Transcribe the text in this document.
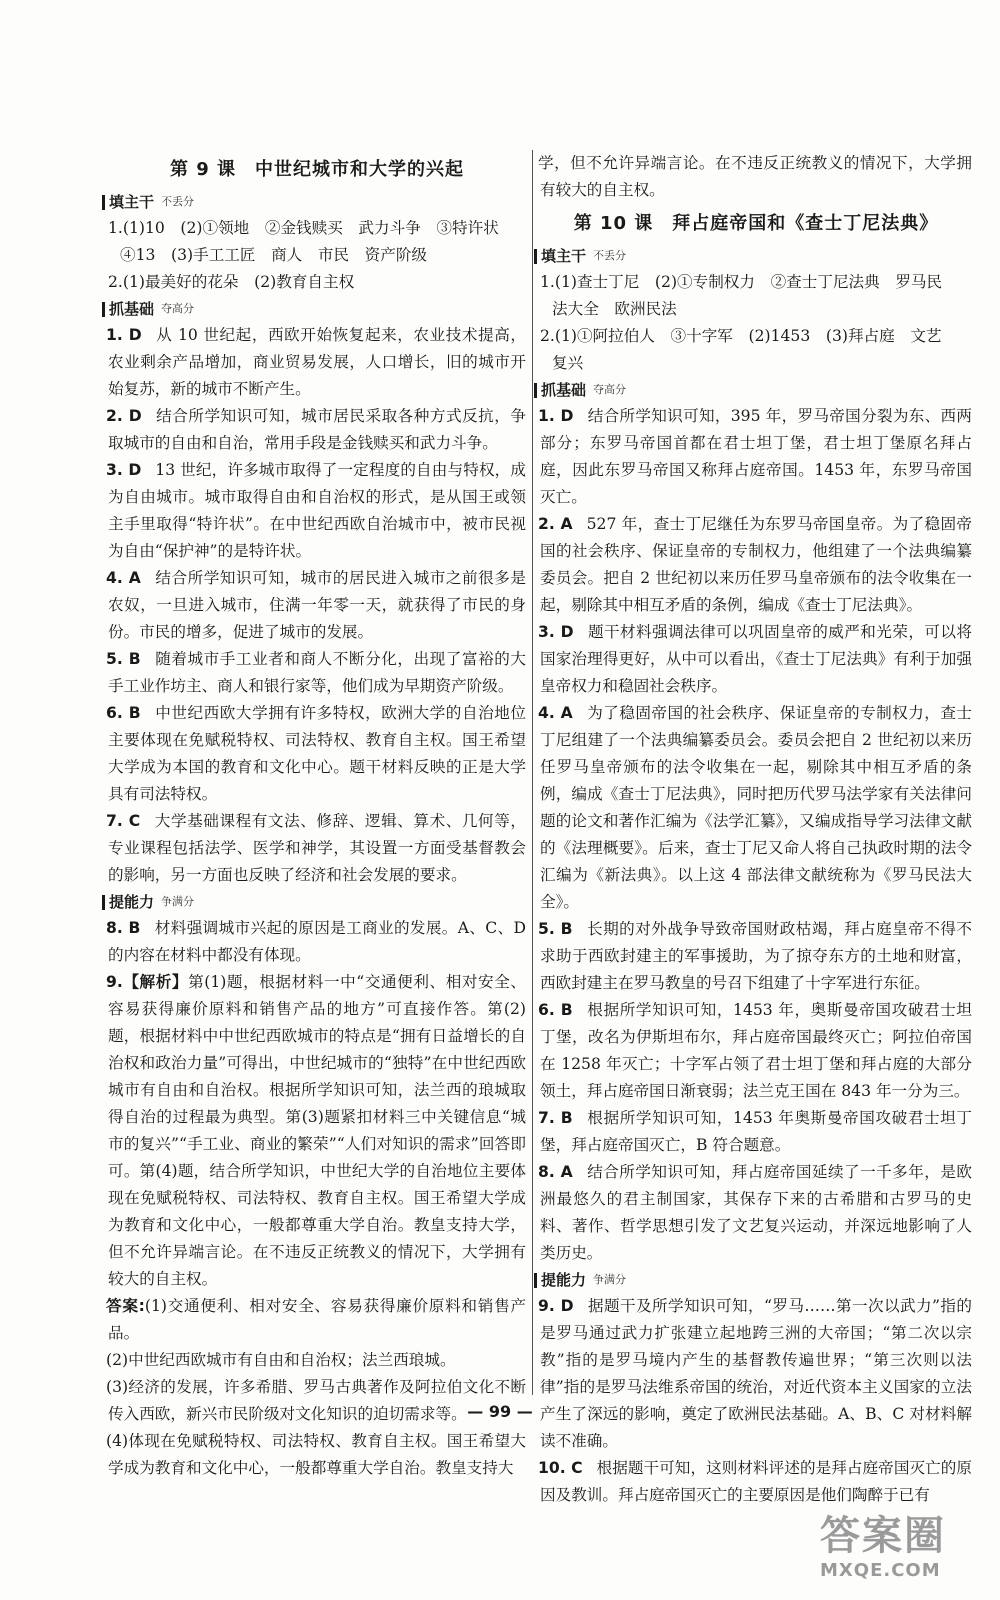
第 9 课　中世纪城市和大学的兴起
填主干 不丢分

1.(1)10　(2)①领地　②金钱赎买　武力斗争　③特许状

④13　(3)手工工匠　商人　市民　资产阶级

2.(1)最美好的花朵　(2)教育自主权

抓基础 夺高分

1. D 从 10 世纪起，西欧开始恢复起来，农业技术提高，农业剩余产品增加，商业贸易发展，人口增长，旧的城市开始复苏，新的城市不断产生。

2. D 结合所学知识可知，城市居民采取各种方式反抗，争取城市的自由和自治，常用手段是金钱赎买和武力斗争。

3. D 13 世纪，许多城市取得了一定程度的自由与特权，成为自由城市。城市取得自由和自治权的形式，是从国王或领主手里取得“特许状”。在中世纪西欧自治城市中，被市民视为自由“保护神”的是特许状。

4. A 结合所学知识可知，城市的居民进入城市之前很多是农奴，一旦进入城市，住满一年零一天，就获得了市民的身份。市民的增多，促进了城市的发展。

5. B 随着城市手工业者和商人不断分化，出现了富裕的大手工业作坊主、商人和银行家等，他们成为早期资产阶级。

6. B 中世纪西欧大学拥有许多特权，欧洲大学的自治地位主要体现在免赋税特权、司法特权、教育自主权。国王希望大学成为本国的教育和文化中心。题干材料反映的正是大学具有司法特权。

7. C 大学基础课程有文法、修辞、逻辑、算术、几何等，专业课程包括法学、医学和神学，其设置一方面受基督教会的影响，另一方面也反映了经济和社会发展的要求。

提能力 争满分

8. B 材料强调城市兴起的原因是工商业的发展。A、C、D 的内容在材料中都没有体现。

9.【解析】第(1)题，根据材料一中“交通便利、相对安全、容易获得廉价原料和销售产品的地方”可直接作答。第(2)题，根据材料中中世纪西欧城市的特点是“拥有日益增长的自治权和政治力量”可得出，中世纪城市的“独特”在中世纪西欧城市有自由和自治权。根据所学知识可知，法兰西的琅城取得自治的过程最为典型。第(3)题紧扣材料三中关键信息“城市的复兴”“手工业、商业的繁荣”“人们对知识的需求”回答即可。第(4)题，结合所学知识，中世纪大学的自治地位主要体现在免赋税特权、司法特权、教育自主权。国王希望大学成为教育和文化中心，一般都尊重大学自治。教皇支持大学，但不允许异端言论。在不违反正统教义的情况下，大学拥有较大的自主权。

答案:(1)交通便利、相对安全、容易获得廉价原料和销售产品。

(2)中世纪西欧城市有自由和自治权；法兰西琅城。

(3)经济的发展，许多希腊、罗马古典著作及阿拉伯文化不断传入西欧，新兴市民阶级对文化知识的迫切需求等。

(4)体现在免赋税特权、司法特权、教育自主权。国王希望大学成为教育和文化中心，一般都尊重大学自治。教皇支持大

学，但不允许异端言论。在不违反正统教义的情况下，大学拥有较大的自主权。

第 10 课　拜占庭帝国和《查士丁尼法典》
填主干 不丢分

1.(1)查士丁尼　(2)①专制权力　②查士丁尼法典　罗马民

法大全　欧洲民法

2.(1)①阿拉伯人　③十字军　(2)1453　(3)拜占庭　文艺

复兴

抓基础 夺高分

1. D 结合所学知识可知，395 年，罗马帝国分裂为东、西两部分；东罗马帝国首都在君士坦丁堡，君士坦丁堡原名拜占庭，因此东罗马帝国又称拜占庭帝国。1453 年，东罗马帝国灭亡。

2. A 527 年，查士丁尼继任为东罗马帝国皇帝。为了稳固帝国的社会秩序、保证皇帝的专制权力，他组建了一个法典编纂委员会。把自 2 世纪初以来历任罗马皇帝颁布的法令收集在一起，剔除其中相互矛盾的条例，编成《查士丁尼法典》。

3. D 题干材料强调法律可以巩固皇帝的威严和光荣，可以将国家治理得更好，从中可以看出，《查士丁尼法典》有利于加强皇帝权力和稳固社会秩序。

4. A 为了稳固帝国的社会秩序、保证皇帝的专制权力，查士丁尼组建了一个法典编纂委员会。委员会把自 2 世纪初以来历任罗马皇帝颁布的法令收集在一起，剔除其中相互矛盾的条例，编成《查士丁尼法典》，同时把历代罗马法学家有关法律问题的论文和著作汇编为《法学汇纂》，又编成指导学习法律文献的《法理概要》。后来，查士丁尼又命人将自己执政时期的法令汇编为《新法典》。以上这 4 部法律文献统称为《罗马民法大全》。

5. B 长期的对外战争导致帝国财政枯竭，拜占庭皇帝不得不求助于西欧封建主的军事援助，为了掠夺东方的土地和财富，西欧封建主在罗马教皇的号召下组建了十字军进行东征。

6. B 根据所学知识可知，1453 年，奥斯曼帝国攻破君士坦丁堡，改名为伊斯坦布尔，拜占庭帝国最终灭亡；阿拉伯帝国在 1258 年灭亡；十字军占领了君士坦丁堡和拜占庭的大部分领土，拜占庭帝国日渐衰弱；法兰克王国在 843 年一分为三。

7. B 根据所学知识可知，1453 年奥斯曼帝国攻破君士坦丁堡，拜占庭帝国灭亡，B 符合题意。

8. A 结合所学知识可知，拜占庭帝国延续了一千多年，是欧洲最悠久的君主制国家，其保存下来的古希腊和古罗马的史料、著作、哲学思想引发了文艺复兴运动，并深远地影响了人类历史。

提能力 争满分

9. D 据题干及所学知识可知，“罗马……第一次以武力”指的是罗马通过武力扩张建立起地跨三洲的大帝国；“第二次以宗教”指的是罗马境内产生的基督教传遍世界；“第三次则以法律”指的是罗马法维系帝国的统治，对近代资本主义国家的立法产生了深远的影响，奠定了欧洲民法基础。A、B、C 对材料解读不准确。

10. C 根据题干可知，这则材料评述的是拜占庭帝国灭亡的原因及教训。拜占庭帝国灭亡的主要原因是他们陶醉于已有

— 99 —
答案圈
MXQE.COM
